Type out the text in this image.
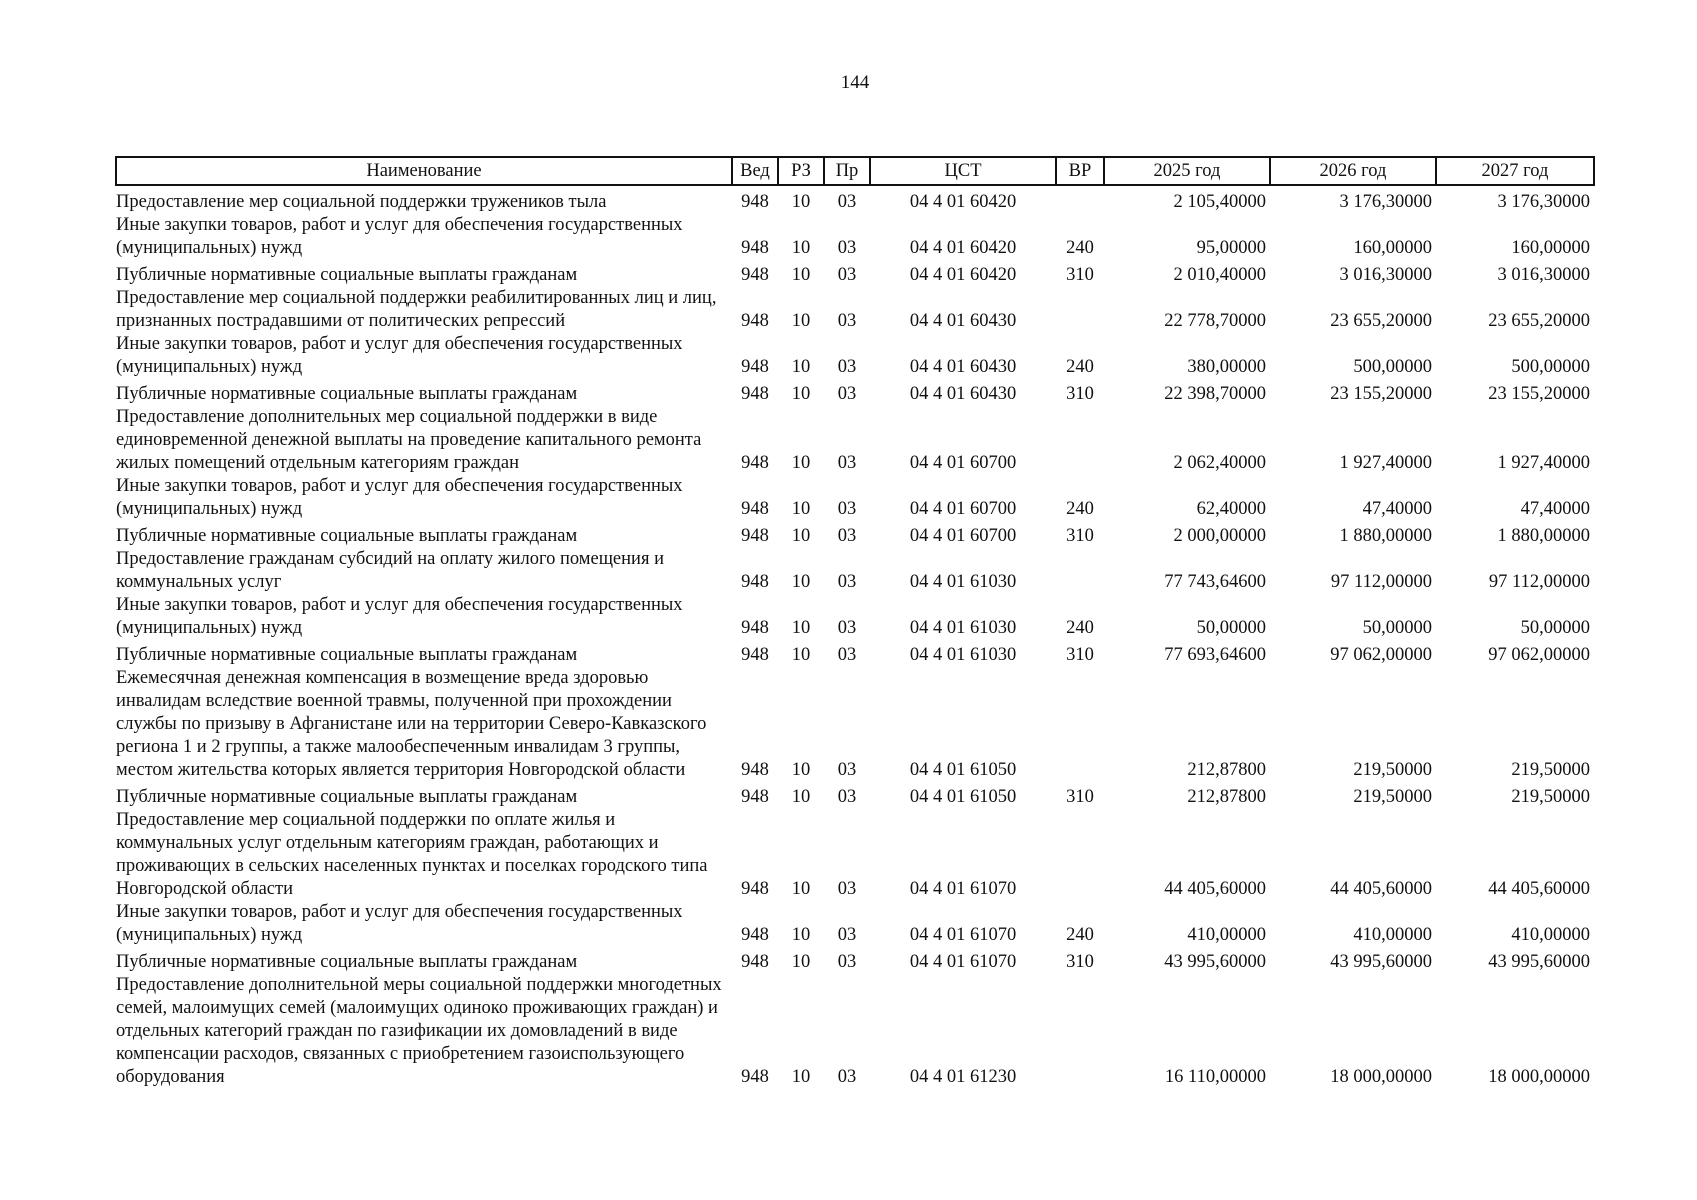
144
Наименование	Вед	РЗ	Пр	ЦСТ	ВР	2025 год	2026 год	2027 год
Предоставление мер социальной поддержки тружеников тыла	948	10	03	04 4 01 60420		2 105,40000	3 176,30000	3 176,30000
Иные закупки товаров, работ и услуг для обеспечения государственных (муниципальных) нужд	948	10	03	04 4 01 60420	240	95,00000	160,00000	160,00000
Публичные нормативные социальные выплаты гражданам	948	10	03	04 4 01 60420	310	2 010,40000	3 016,30000	3 016,30000
Предоставление мер социальной поддержки реабилитированных лиц и лиц, признанных пострадавшими от политических репрессий	948	10	03	04 4 01 60430		22 778,70000	23 655,20000	23 655,20000
Иные закупки товаров, работ и услуг для обеспечения государственных (муниципальных) нужд	948	10	03	04 4 01 60430	240	380,00000	500,00000	500,00000
Публичные нормативные социальные выплаты гражданам	948	10	03	04 4 01 60430	310	22 398,70000	23 155,20000	23 155,20000
Предоставление дополнительных мер социальной поддержки в виде единовременной денежной выплаты на проведение капитального ремонта жилых помещений отдельным категориям граждан	948	10	03	04 4 01 60700		2 062,40000	1 927,40000	1 927,40000
Иные закупки товаров, работ и услуг для обеспечения государственных (муниципальных) нужд	948	10	03	04 4 01 60700	240	62,40000	47,40000	47,40000
Публичные нормативные социальные выплаты гражданам	948	10	03	04 4 01 60700	310	2 000,00000	1 880,00000	1 880,00000
Предоставление гражданам субсидий на оплату жилого помещения и коммунальных услуг	948	10	03	04 4 01 61030		77 743,64600	97 112,00000	97 112,00000
Иные закупки товаров, работ и услуг для обеспечения государственных (муниципальных) нужд	948	10	03	04 4 01 61030	240	50,00000	50,00000	50,00000
Публичные нормативные социальные выплаты гражданам	948	10	03	04 4 01 61030	310	77 693,64600	97 062,00000	97 062,00000
Ежемесячная денежная компенсация в возмещение вреда здоровью инвалидам вследствие военной травмы, полученной при прохождении службы по призыву в Афганистане или на территории Северо-Кавказского региона 1 и 2 группы, а также малообеспеченным инвалидам 3 группы, местом жительства которых является территория Новгородской области	948	10	03	04 4 01 61050		212,87800	219,50000	219,50000
Публичные нормативные социальные выплаты гражданам	948	10	03	04 4 01 61050	310	212,87800	219,50000	219,50000
Предоставление мер социальной поддержки по оплате жилья и коммунальных услуг отдельным категориям граждан, работающих и проживающих в сельских населенных пунктах и поселках городского типа Новгородской области	948	10	03	04 4 01 61070		44 405,60000	44 405,60000	44 405,60000
Иные закупки товаров, работ и услуг для обеспечения государственных (муниципальных) нужд	948	10	03	04 4 01 61070	240	410,00000	410,00000	410,00000
Публичные нормативные социальные выплаты гражданам	948	10	03	04 4 01 61070	310	43 995,60000	43 995,60000	43 995,60000
Предоставление дополнительной меры социальной поддержки многодетных семей, малоимущих семей (малоимущих одиноко проживающих граждан) и отдельных категорий граждан по газификации их домовладений в виде компенсации расходов, связанных с приобретением газоиспользующего оборудования	948	10	03	04 4 01 61230		16 110,00000	18 000,00000	18 000,00000
